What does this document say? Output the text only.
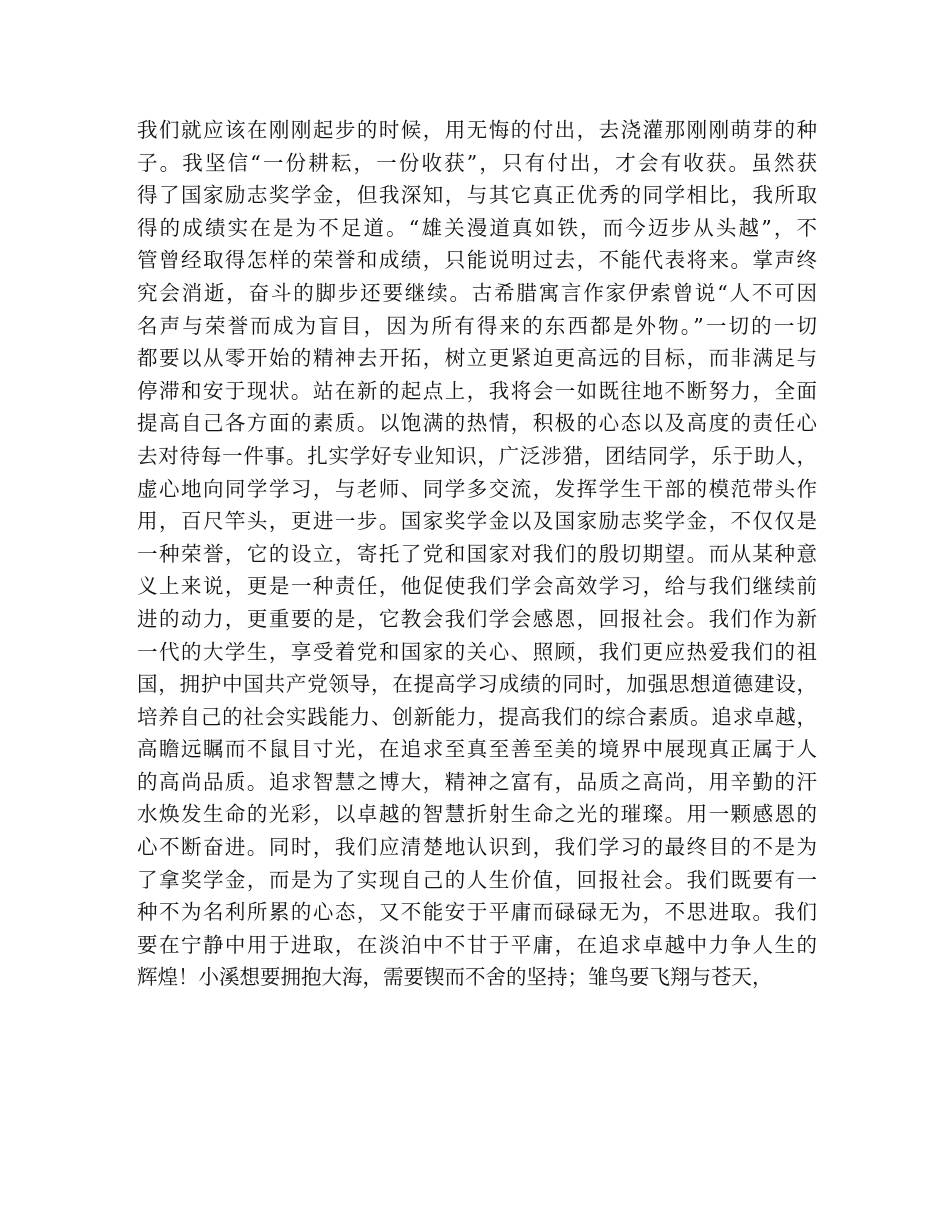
我们就应该在刚刚起步的时候，用无悔的付出，去浇灌那刚刚萌芽的种
子。我坚信“一份耕耘，一份收获”，只有付出，才会有收获。虽然获
得了国家励志奖学金，但我深知，与其它真正优秀的同学相比，我所取
得的成绩实在是为不足道。“雄关漫道真如铁，而今迈步从头越”，不
管曾经取得怎样的荣誉和成绩，只能说明过去，不能代表将来。掌声终
究会消逝，奋斗的脚步还要继续。古希腊寓言作家伊索曾说“人不可因
名声与荣誉而成为盲目，因为所有得来的东西都是外物。”一切的一切
都要以从零开始的精神去开拓，树立更紧迫更高远的目标，而非满足与
停滞和安于现状。站在新的起点上，我将会一如既往地不断努力，全面
提高自己各方面的素质。以饱满的热情，积极的心态以及高度的责任心
去对待每一件事。扎实学好专业知识，广泛涉猎，团结同学，乐于助人，
虚心地向同学学习，与老师、同学多交流，发挥学生干部的模范带头作
用，百尺竿头，更进一步。国家奖学金以及国家励志奖学金，不仅仅是
一种荣誉，它的设立，寄托了党和国家对我们的殷切期望。而从某种意
义上来说，更是一种责任，他促使我们学会高效学习，给与我们继续前
进的动力，更重要的是，它教会我们学会感恩，回报社会。我们作为新
一代的大学生，享受着党和国家的关心、照顾，我们更应热爱我们的祖
国，拥护中国共产党领导，在提高学习成绩的同时，加强思想道德建设，
培养自己的社会实践能力、创新能力，提高我们的综合素质。追求卓越，
高瞻远瞩而不鼠目寸光，在追求至真至善至美的境界中展现真正属于人
的高尚品质。追求智慧之博大，精神之富有，品质之高尚，用辛勤的汗
水焕发生命的光彩，以卓越的智慧折射生命之光的璀璨。用一颗感恩的
心不断奋进。同时，我们应清楚地认识到，我们学习的最终目的不是为
了拿奖学金，而是为了实现自己的人生价值，回报社会。我们既要有一
种不为名利所累的心态，又不能安于平庸而碌碌无为，不思进取。我们
要在宁静中用于进取，在淡泊中不甘于平庸，在追求卓越中力争人生的
辉煌！小溪想要拥抱大海，需要锲而不舍的坚持；雏鸟要飞翔与苍天，
